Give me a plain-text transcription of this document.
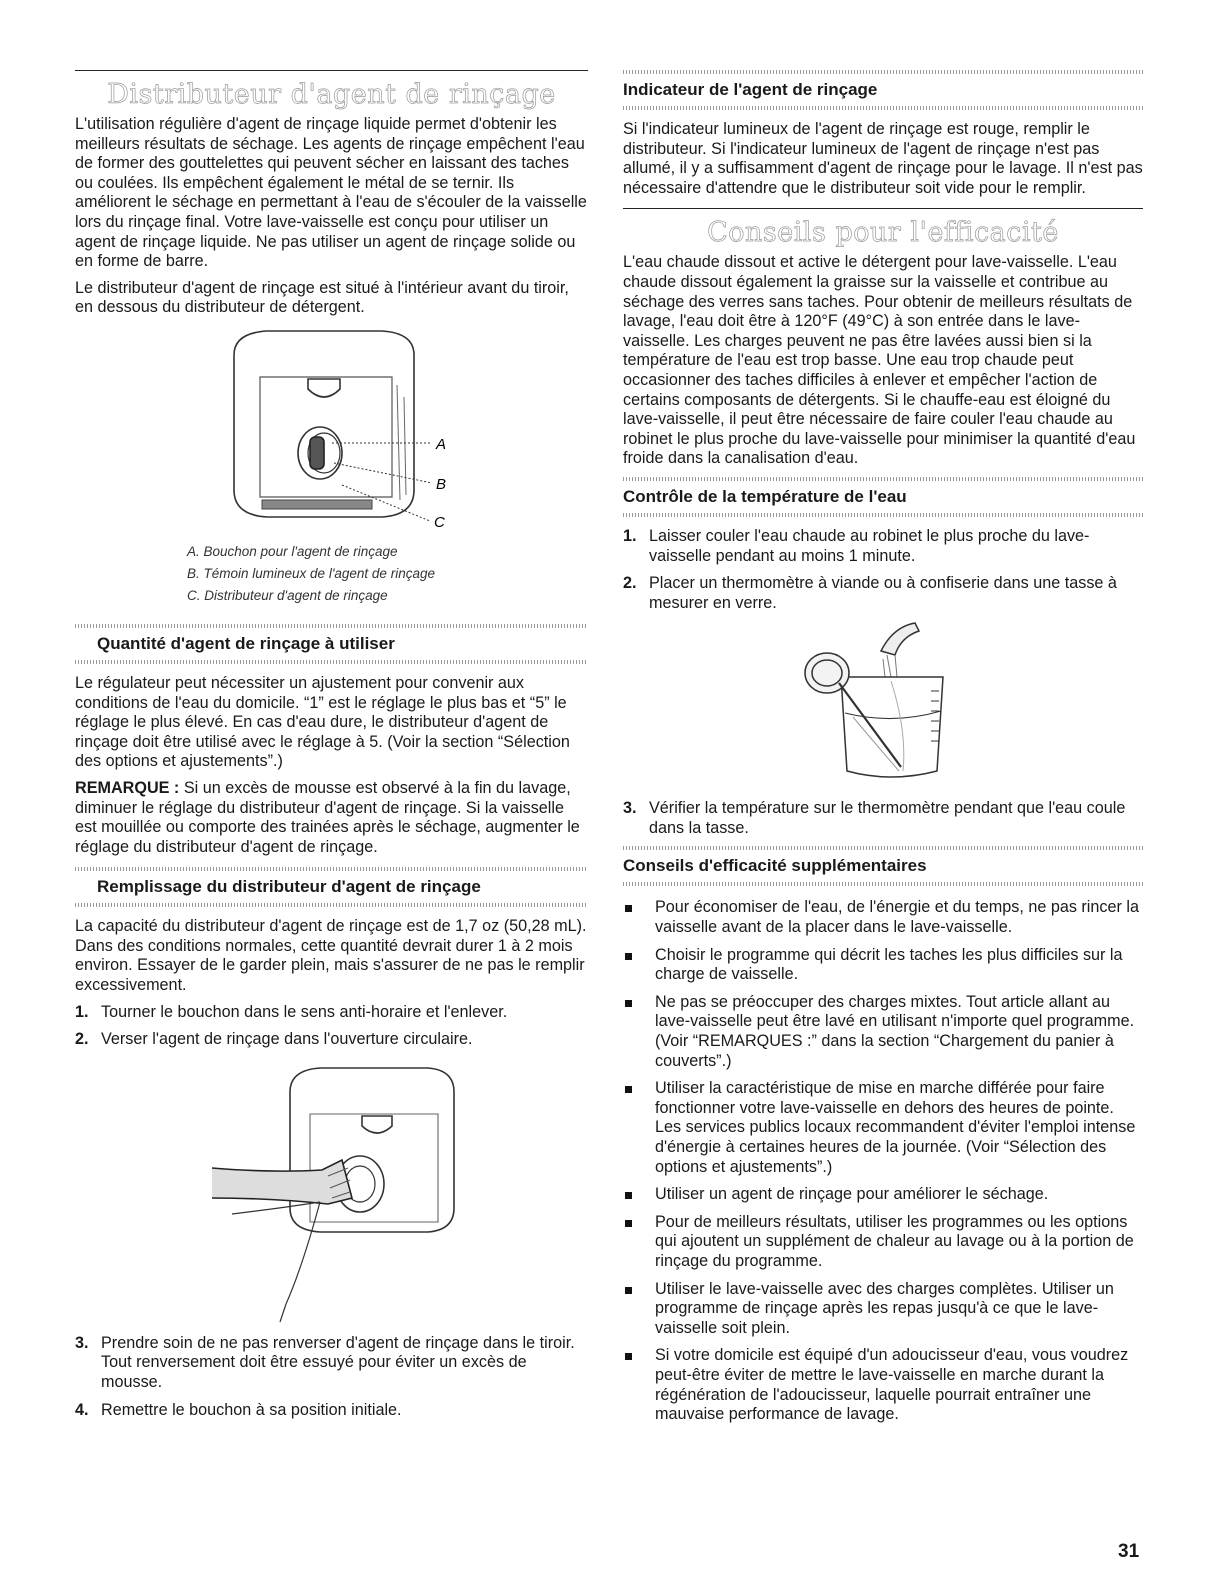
Distributeur d'agent de rinçage

L'utilisation régulière d'agent de rinçage liquide permet d'obtenir les meilleurs résultats de séchage. Les agents de rinçage empêchent l'eau de former des gouttelettes qui peuvent sécher en laissant des taches ou coulées. Ils empêchent également le métal de se ternir. Ils améliorent le séchage en permettant à l'eau de s'écouler de la vaisselle lors du rinçage final. Votre lave-vaisselle est conçu pour utiliser un agent de rinçage liquide. Ne pas utiliser un agent de rinçage solide ou en forme de barre.

Le distributeur d'agent de rinçage est situé à l'intérieur avant du tiroir, en dessous du distributeur de détergent.

A
B
C
A. Bouchon pour l'agent de rinçage
B. Témoin lumineux de l'agent de rinçage
C. Distributeur d'agent de rinçage
Quantité d'agent de rinçage à utiliser

Le régulateur peut nécessiter un ajustement pour convenir aux conditions de l'eau du domicile. “1” est le réglage le plus bas et “5” le réglage le plus élevé. En cas d'eau dure, le distributeur d'agent de rinçage doit être utilisé avec le réglage à 5. (Voir la section “Sélection des options et ajustements”.)

REMARQUE : Si un excès de mousse est observé à la fin du lavage, diminuer le réglage du distributeur d'agent de rinçage. Si la vaisselle est mouillée ou comporte des trainées après le séchage, augmenter le réglage du distributeur d'agent de rinçage.

Remplissage du distributeur d'agent de rinçage

La capacité du distributeur d'agent de rinçage est de 1,7 oz (50,28 mL). Dans des conditions normales, cette quantité devrait durer 1 à 2 mois environ. Essayer de le garder plein, mais s'assurer de ne pas le remplir excessivement.

1. Tourner le bouchon dans le sens anti-horaire et l'enlever.
2. Verser l'agent de rinçage dans l'ouverture circulaire.
3. Prendre soin de ne pas renverser d'agent de rinçage dans le tiroir. Tout renversement doit être essuyé pour éviter un excès de mousse.
4. Remettre le bouchon à sa position initiale.
Indicateur de l'agent de rinçage

Si l'indicateur lumineux de l'agent de rinçage est rouge, remplir le distributeur. Si l'indicateur lumineux de l'agent de rinçage n'est pas allumé, il y a suffisamment d'agent de rinçage pour le lavage. Il n'est pas nécessaire d'attendre que le distributeur soit vide pour le remplir.

Conseils pour l'efficacité

L'eau chaude dissout et active le détergent pour lave-vaisselle. L'eau chaude dissout également la graisse sur la vaisselle et contribue au séchage des verres sans taches. Pour obtenir de meilleurs résultats de lavage, l'eau doit être à 120°F (49°C) à son entrée dans le lave-vaisselle. Les charges peuvent ne pas être lavées aussi bien si la température de l'eau est trop basse. Une eau trop chaude peut occasionner des taches difficiles à enlever et empêcher l'action de certains composants de détergents. Si le chauffe-eau est éloigné du lave-vaisselle, il peut être nécessaire de faire couler l'eau chaude au robinet le plus proche du lave-vaisselle pour minimiser la quantité d'eau froide dans la canalisation d'eau.

Contrôle de la température de l'eau
1. Laisser couler l'eau chaude au robinet le plus proche du lave-vaisselle pendant au moins 1 minute.
2. Placer un thermomètre à viande ou à confiserie dans une tasse à mesurer en verre.
3. Vérifier la température sur le thermomètre pendant que l'eau coule dans la tasse.
Conseils d'efficacité supplémentaires
Pour économiser de l'eau, de l'énergie et du temps, ne pas rincer la vaisselle avant de la placer dans le lave-vaisselle.
Choisir le programme qui décrit les taches les plus difficiles sur la charge de vaisselle.
Ne pas se préoccuper des charges mixtes. Tout article allant au lave-vaisselle peut être lavé en utilisant n'importe quel programme. (Voir “REMARQUES :” dans la section “Chargement du panier à couverts”.)
Utiliser la caractéristique de mise en marche différée pour faire fonctionner votre lave-vaisselle en dehors des heures de pointe. Les services publics locaux recommandent d'éviter l'emploi intense d'énergie à certaines heures de la journée. (Voir “Sélection des options et ajustements”.)
Utiliser un agent de rinçage pour améliorer le séchage.
Pour de meilleurs résultats, utiliser les programmes ou les options qui ajoutent un supplément de chaleur au lavage ou à la portion de rinçage du programme.
Utiliser le lave-vaisselle avec des charges complètes. Utiliser un programme de rinçage après les repas jusqu'à ce que le lave-vaisselle soit plein.
Si votre domicile est équipé d'un adoucisseur d'eau, vous voudrez peut-être éviter de mettre le lave-vaisselle en marche durant la régénération de l'adoucisseur, laquelle pourrait entraîner une mauvaise performance de lavage.
31
